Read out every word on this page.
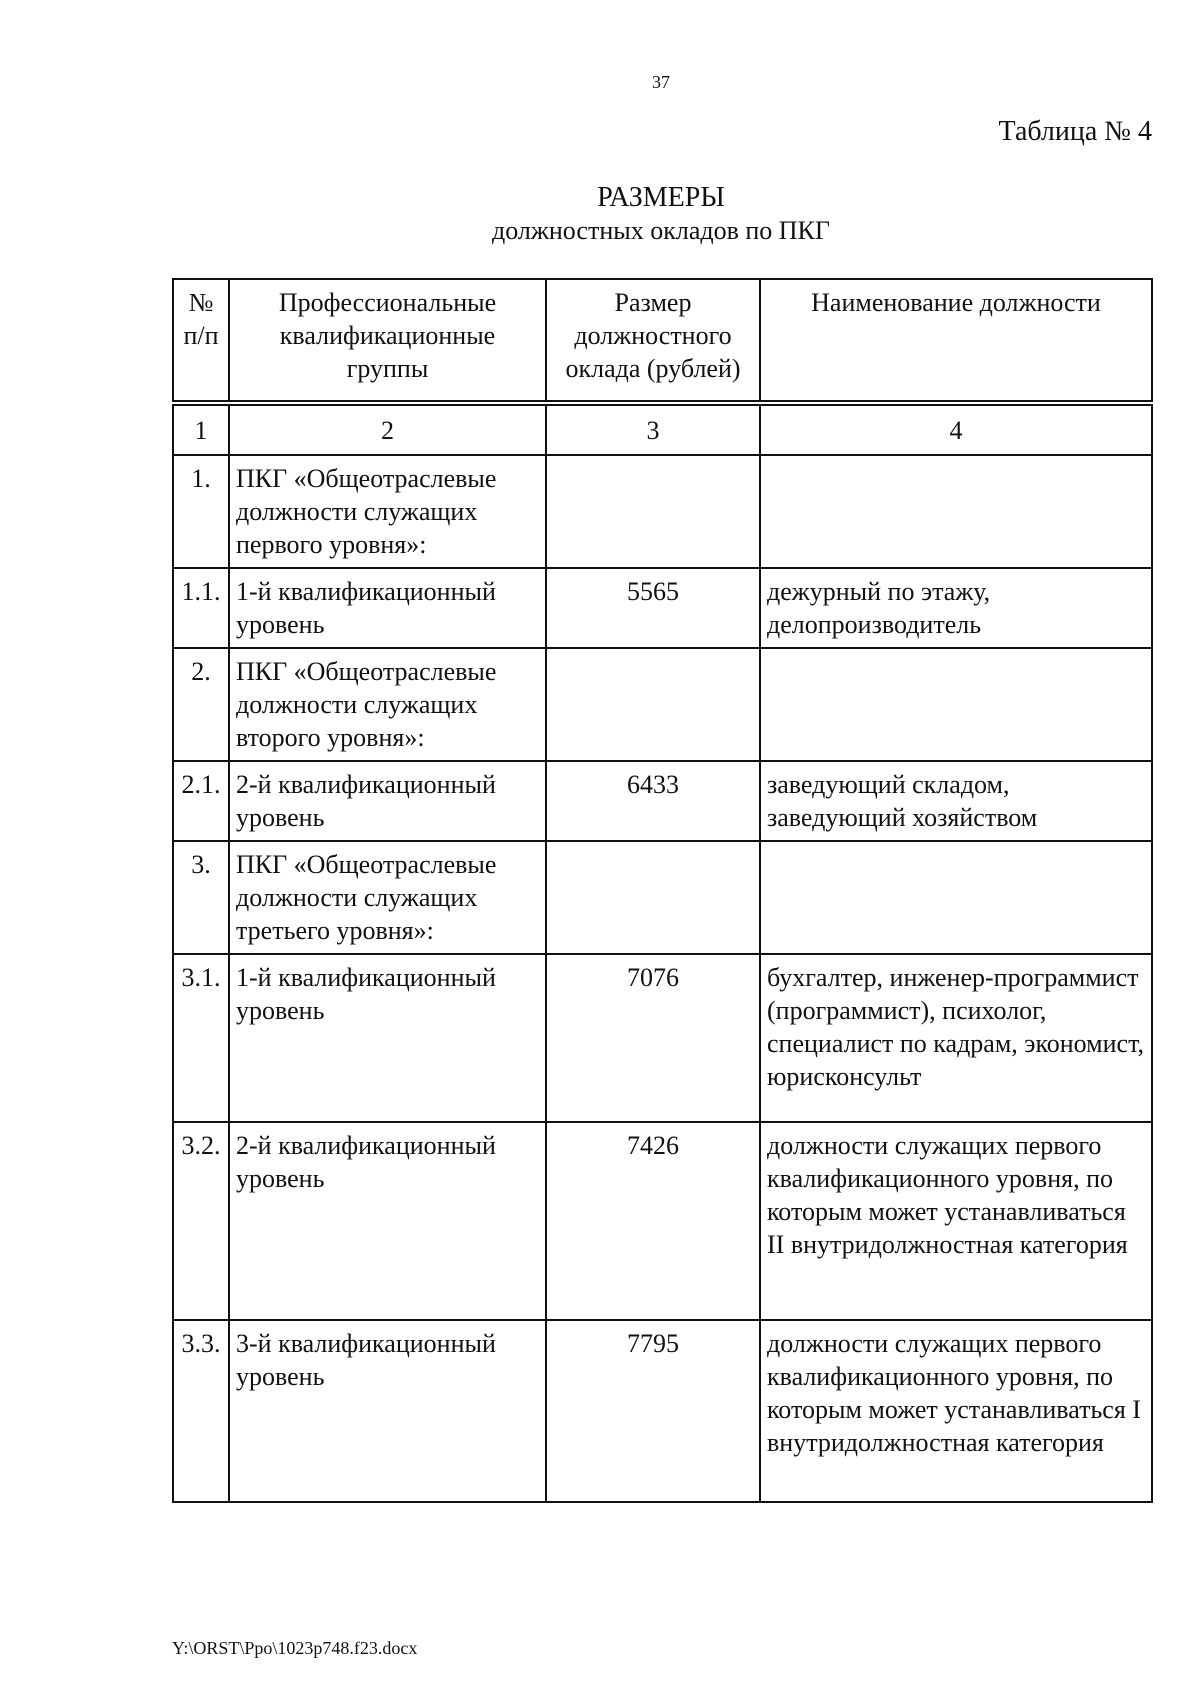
37
Таблица № 4
РАЗМЕРЫ
должностных окладов по ПКГ
№ п/п	Профессиональные квалификационные группы	Размер должностного оклада (рублей)	Наименование должности
1	2	3	4
1.	ПКГ «Общеотраслевые должности служащих первого уровня»:		
1.1.	1-й квалификационный уровень	5565	дежурный по этажу, делопроизводитель
2.	ПКГ «Общеотраслевые должности служащих второго уровня»:		
2.1.	2-й квалификационный уровень	6433	заведующий складом, заведующий хозяйством
3.	ПКГ «Общеотраслевые должности служащих третьего уровня»:		
3.1.	1-й квалификационный уровень	7076	бухгалтер, инженер-программист (программист), психолог, специалист по кадрам, экономист, юрисконсульт
3.2.	2-й квалификационный уровень	7426	должности служащих первого квалификационного уровня, по которым может устанавливаться II внутридолжностная категория
3.3.	3-й квалификационный уровень	7795	должности служащих первого квалификационного уровня, по которым может устанавливаться I внутридолжностная категория
Y:\ORST\Ppo\1023p748.f23.docx
